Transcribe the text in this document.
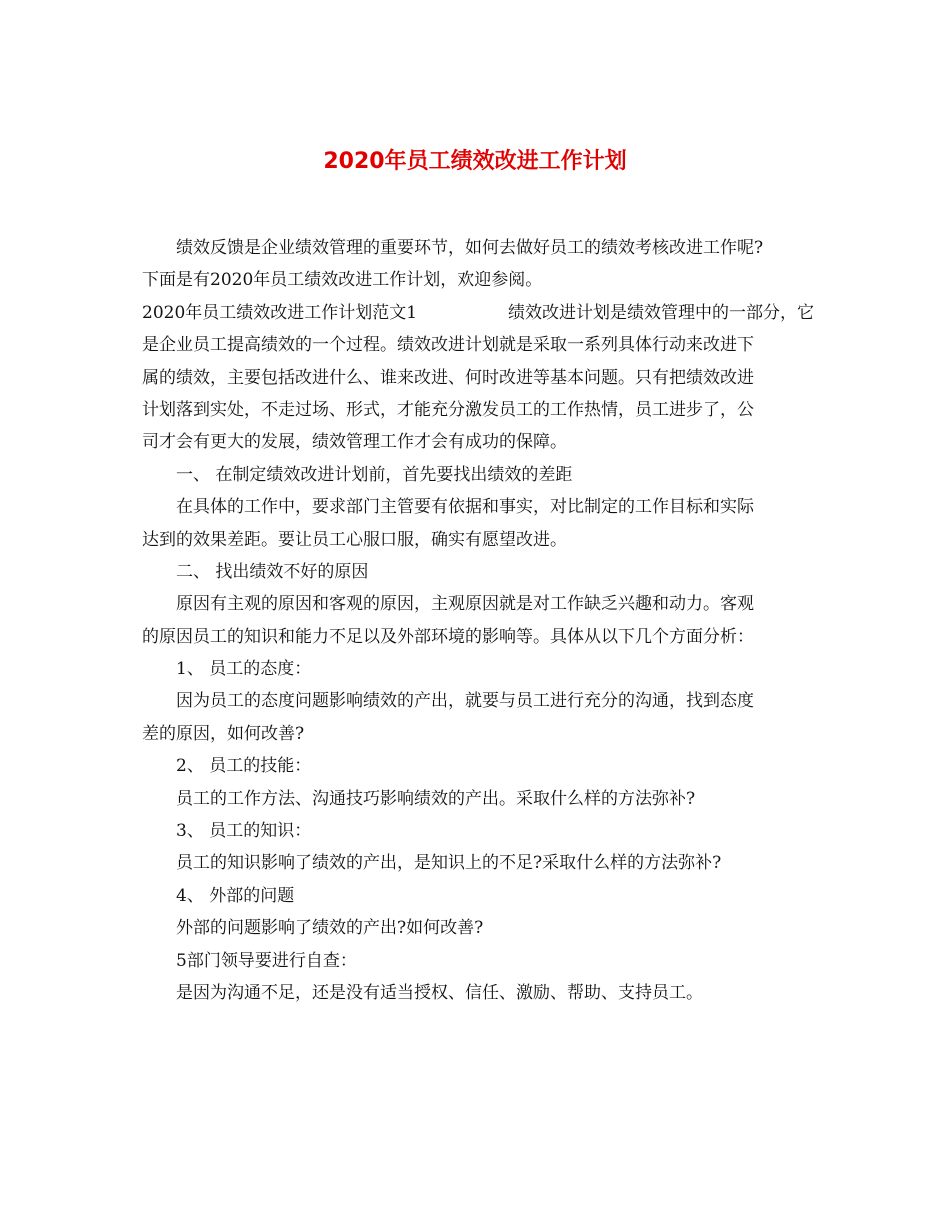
2020年员工绩效改进工作计划
绩效反馈是企业绩效管理的重要环节，如何去做好员工的绩效考核改进工作呢?
下面是有2020年员工绩效改进工作计划，欢迎参阅。
2020年员工绩效改进工作计划范文1	绩效改进计划是绩效管理中的一部分，它
是企业员工提高绩效的一个过程。绩效改进计划就是采取一系列具体行动来改进下
属的绩效，主要包括改进什么、谁来改进、何时改进等基本问题。只有把绩效改进
计划落到实处，不走过场、形式，才能充分激发员工的工作热情，员工进步了，公
司才会有更大的发展，绩效管理工作才会有成功的保障。
一、 在制定绩效改进计划前，首先要找出绩效的差距
在具体的工作中，要求部门主管要有依据和事实，对比制定的工作目标和实际
达到的效果差距。要让员工心服口服，确实有愿望改进。
二、 找出绩效不好的原因
原因有主观的原因和客观的原因，主观原因就是对工作缺乏兴趣和动力。客观
的原因员工的知识和能力不足以及外部环境的影响等。具体从以下几个方面分析：
1、 员工的态度：
因为员工的态度问题影响绩效的产出，就要与员工进行充分的沟通，找到态度
差的原因，如何改善?
2、 员工的技能：
员工的工作方法、沟通技巧影响绩效的产出。采取什么样的方法弥补?
3、 员工的知识：
员工的知识影响了绩效的产出，是知识上的不足?采取什么样的方法弥补?
4、 外部的问题
外部的问题影响了绩效的产出?如何改善?
5部门领导要进行自查：
是因为沟通不足，还是没有适当授权、信任、激励、帮助、支持员工。
